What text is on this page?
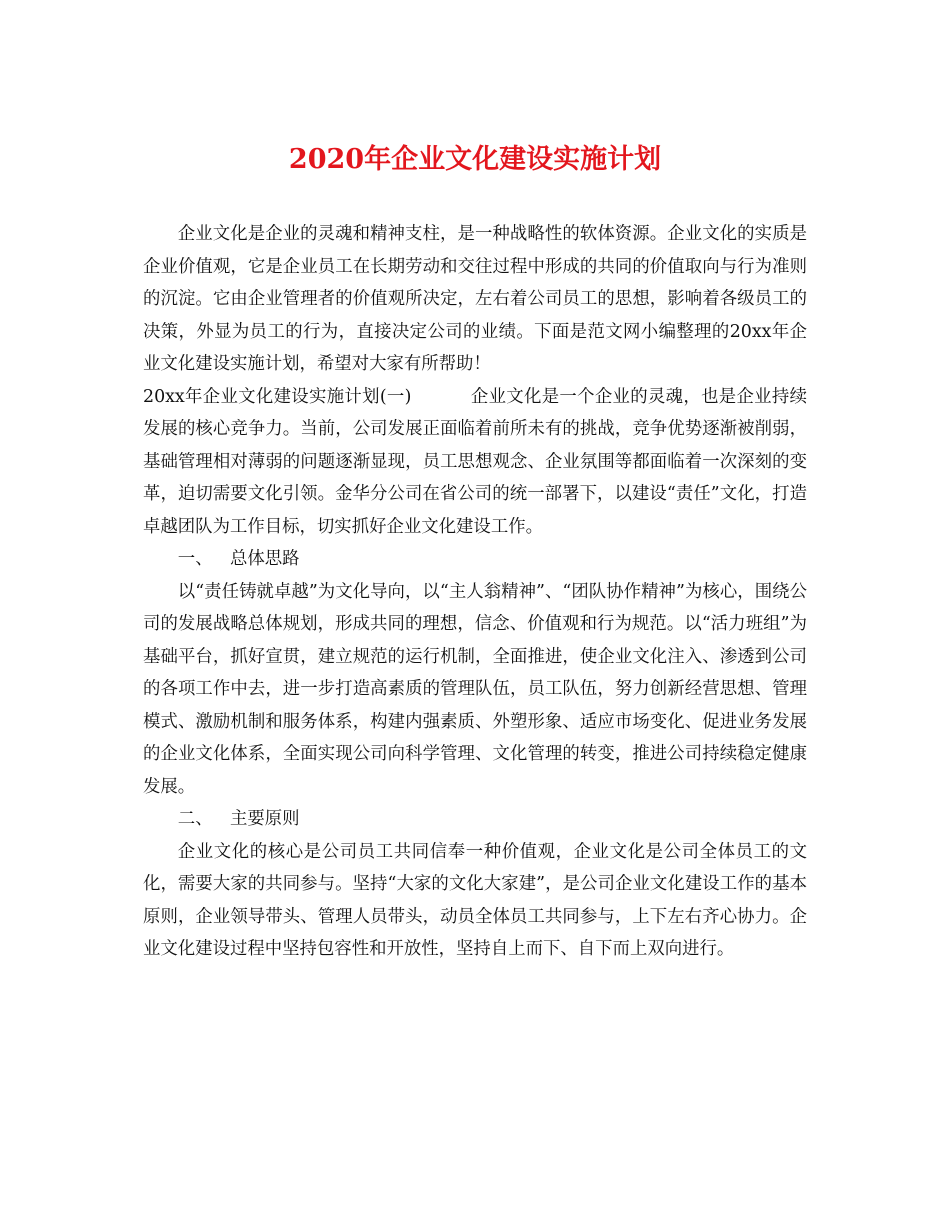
2020年企业文化建设实施计划

企业文化是企业的灵魂和精神支柱，是一种战略性的软体资源。企业文化的实质是企业价值观，它是企业员工在长期劳动和交往过程中形成的共同的价值取向与行为准则的沉淀。它由企业管理者的价值观所决定，左右着公司员工的思想，影响着各级员工的决策，外显为员工的行为，直接决定公司的业绩。下面是范文网小编整理的20xx年企业文化建设实施计划，希望对大家有所帮助！

20xx年企业文化建设实施计划(一)	企业文化是一个企业的灵魂，也是企业持续发展的核心竞争力。当前，公司发展正面临着前所未有的挑战，竞争优势逐渐被削弱，基础管理相对薄弱的问题逐渐显现，员工思想观念、企业氛围等都面临着一次深刻的变革，迫切需要文化引领。金华分公司在省公司的统一部署下，以建设“责任”文化，打造卓越团队为工作目标，切实抓好企业文化建设工作。

一、 总体思路

以“责任铸就卓越”为文化导向，以“主人翁精神”、“团队协作精神”为核心，围绕公司的发展战略总体规划，形成共同的理想，信念、价值观和行为规范。以“活力班组”为基础平台，抓好宣贯，建立规范的运行机制，全面推进，使企业文化注入、渗透到公司的各项工作中去，进一步打造高素质的管理队伍，员工队伍，努力创新经营思想、管理模式、激励机制和服务体系，构建内强素质、外塑形象、适应市场变化、促进业务发展的企业文化体系，全面实现公司向科学管理、文化管理的转变，推进公司持续稳定健康发展。

二、 主要原则

企业文化的核心是公司员工共同信奉一种价值观，企业文化是公司全体员工的文化，需要大家的共同参与。坚持“大家的文化大家建”，是公司企业文化建设工作的基本原则，企业领导带头、管理人员带头，动员全体员工共同参与，上下左右齐心协力。企业文化建设过程中坚持包容性和开放性，坚持自上而下、自下而上双向进行。
